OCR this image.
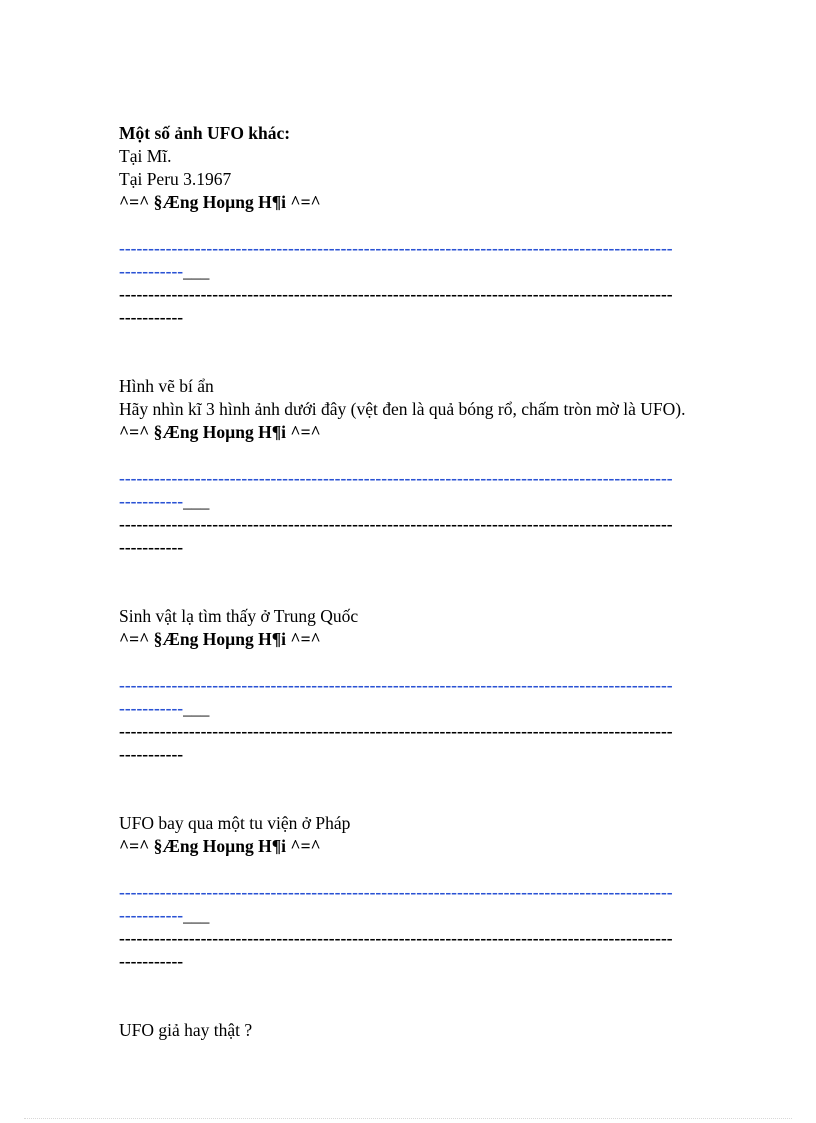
Một số ảnh UFO khác:
Tại Mĩ.
Tại Peru 3.1967
^=^ §Æng Hoµng H¶i ^=^
-----------------------------------------------------------------------------------------------
-----------___
-----------------------------------------------------------------------------------------------
-----------
Hình vẽ bí ẩn
Hãy nhìn kĩ 3 hình ảnh dưới đây (vệt đen là quả bóng rổ, chấm tròn mờ là UFO).
^=^ §Æng Hoµng H¶i ^=^
-----------------------------------------------------------------------------------------------
-----------___
-----------------------------------------------------------------------------------------------
-----------
Sinh vật lạ tìm thấy ở Trung Quốc
^=^ §Æng Hoµng H¶i ^=^
-----------------------------------------------------------------------------------------------
-----------___
-----------------------------------------------------------------------------------------------
-----------
UFO bay qua một tu viện ở Pháp
^=^ §Æng Hoµng H¶i ^=^
-----------------------------------------------------------------------------------------------
-----------___
-----------------------------------------------------------------------------------------------
-----------
UFO giả hay thật ?
